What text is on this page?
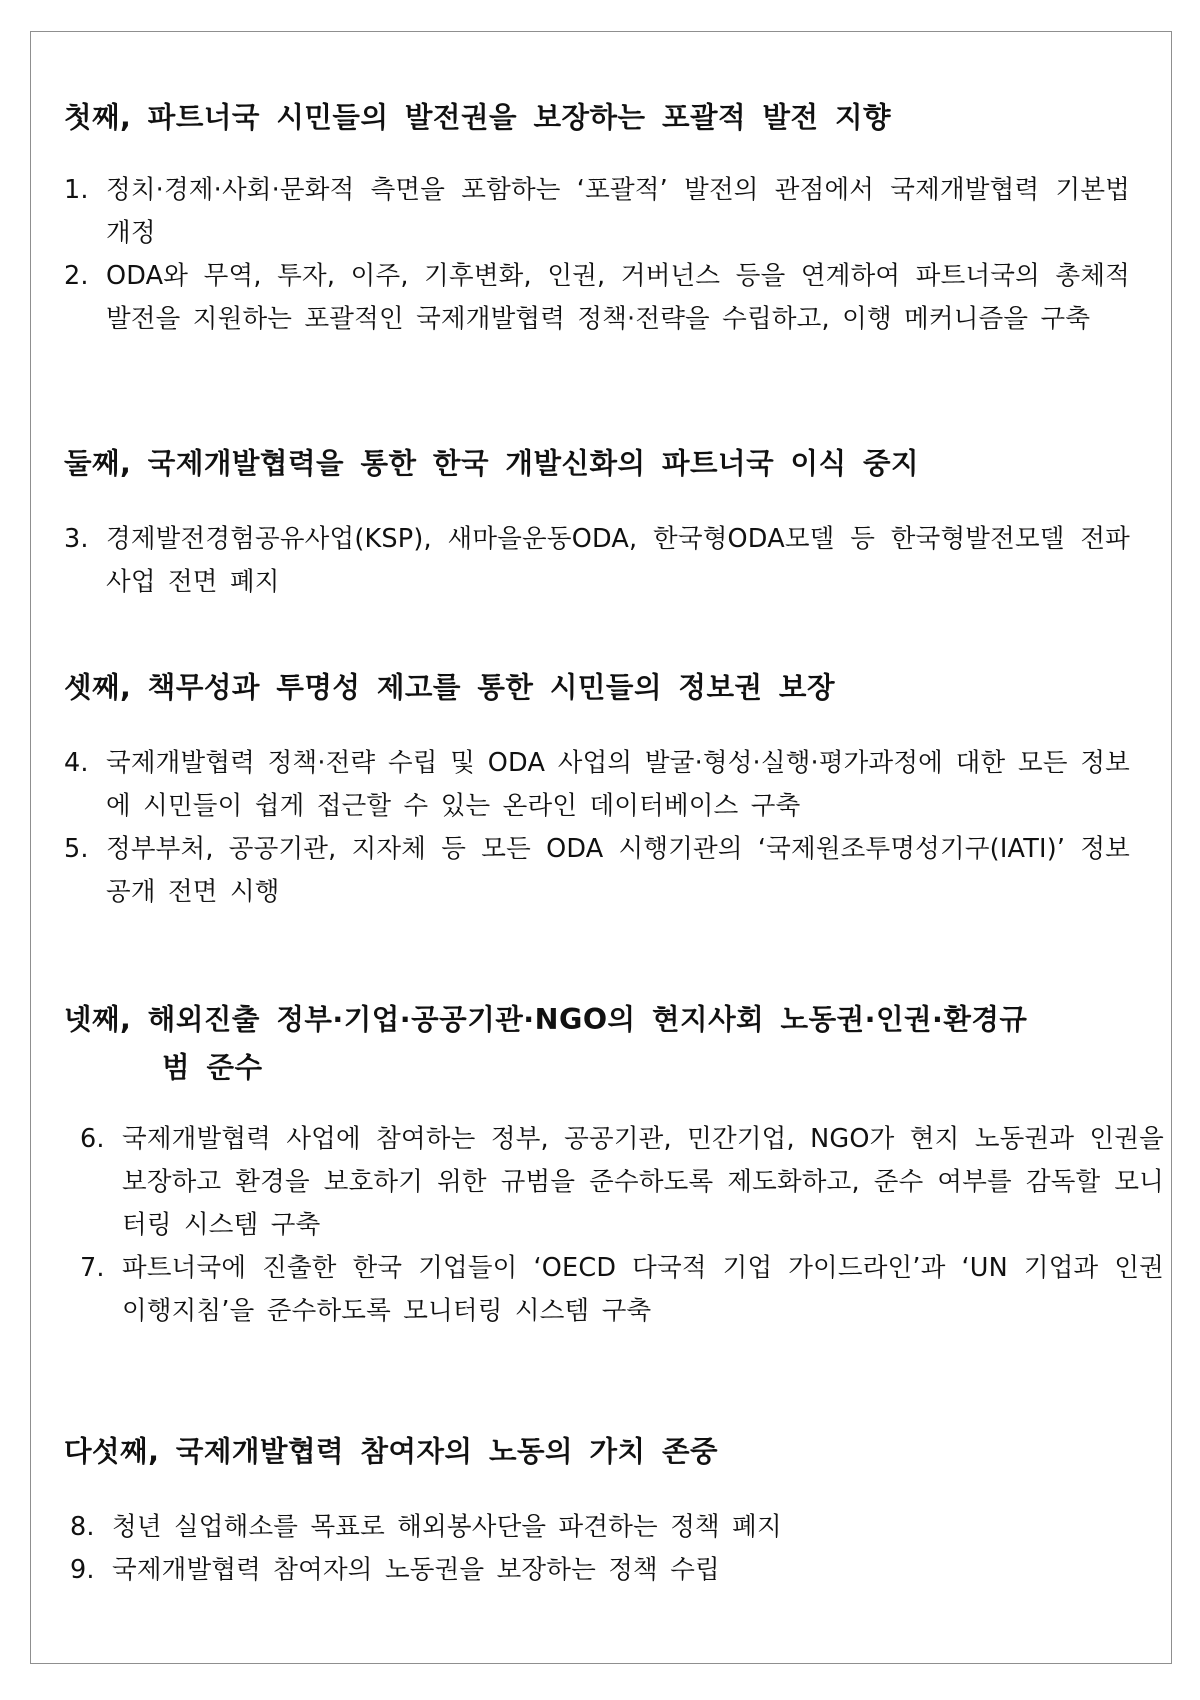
첫째, 파트너국 시민들의 발전권을 보장하는 포괄적 발전 지향
1. 정치·경제·사회·문화적 측면을 포함하는 ‘포괄적’ 발전의 관점에서 국제개발협력 기본법 개정
2. ODA와 무역, 투자, 이주, 기후변화, 인권, 거버넌스 등을 연계하여 파트너국의 총체적 발전을 지원하는 포괄적인 국제개발협력 정책·전략을 수립하고, 이행 메커니즘을 구축
둘째, 국제개발협력을 통한 한국 개발신화의 파트너국 이식 중지
3. 경제발전경험공유사업(KSP), 새마을운동ODA, 한국형ODA모델 등 한국형발전모델 전파사업 전면 폐지
셋째, 책무성과 투명성 제고를 통한 시민들의 정보권 보장
4. 국제개발협력 정책·전략 수립 및 ODA 사업의 발굴·형성·실행·평가과정에 대한 모든 정보에 시민들이 쉽게 접근할 수 있는 온라인 데이터베이스 구축
5. 정부부처, 공공기관, 지자체 등 모든 ODA 시행기관의 ‘국제원조투명성기구(IATI)’ 정보공개 전면 시행
넷째, 해외진출 정부·기업·공공기관·NGO의 현지사회 노동권·인권·환경규
범 준수
6. 국제개발협력 사업에 참여하는 정부, 공공기관, 민간기업, NGO가 현지 노동권과 인권을 보장하고 환경을 보호하기 위한 규범을 준수하도록 제도화하고, 준수 여부를 감독할 모니터링 시스템 구축
7. 파트너국에 진출한 한국 기업들이 ‘OECD 다국적 기업 가이드라인’과 ‘UN 기업과 인권 이행지침’을 준수하도록 모니터링 시스템 구축
다섯째, 국제개발협력 참여자의 노동의 가치 존중
8. 청년 실업해소를 목표로 해외봉사단을 파견하는 정책 폐지
9. 국제개발협력 참여자의 노동권을 보장하는 정책 수립
